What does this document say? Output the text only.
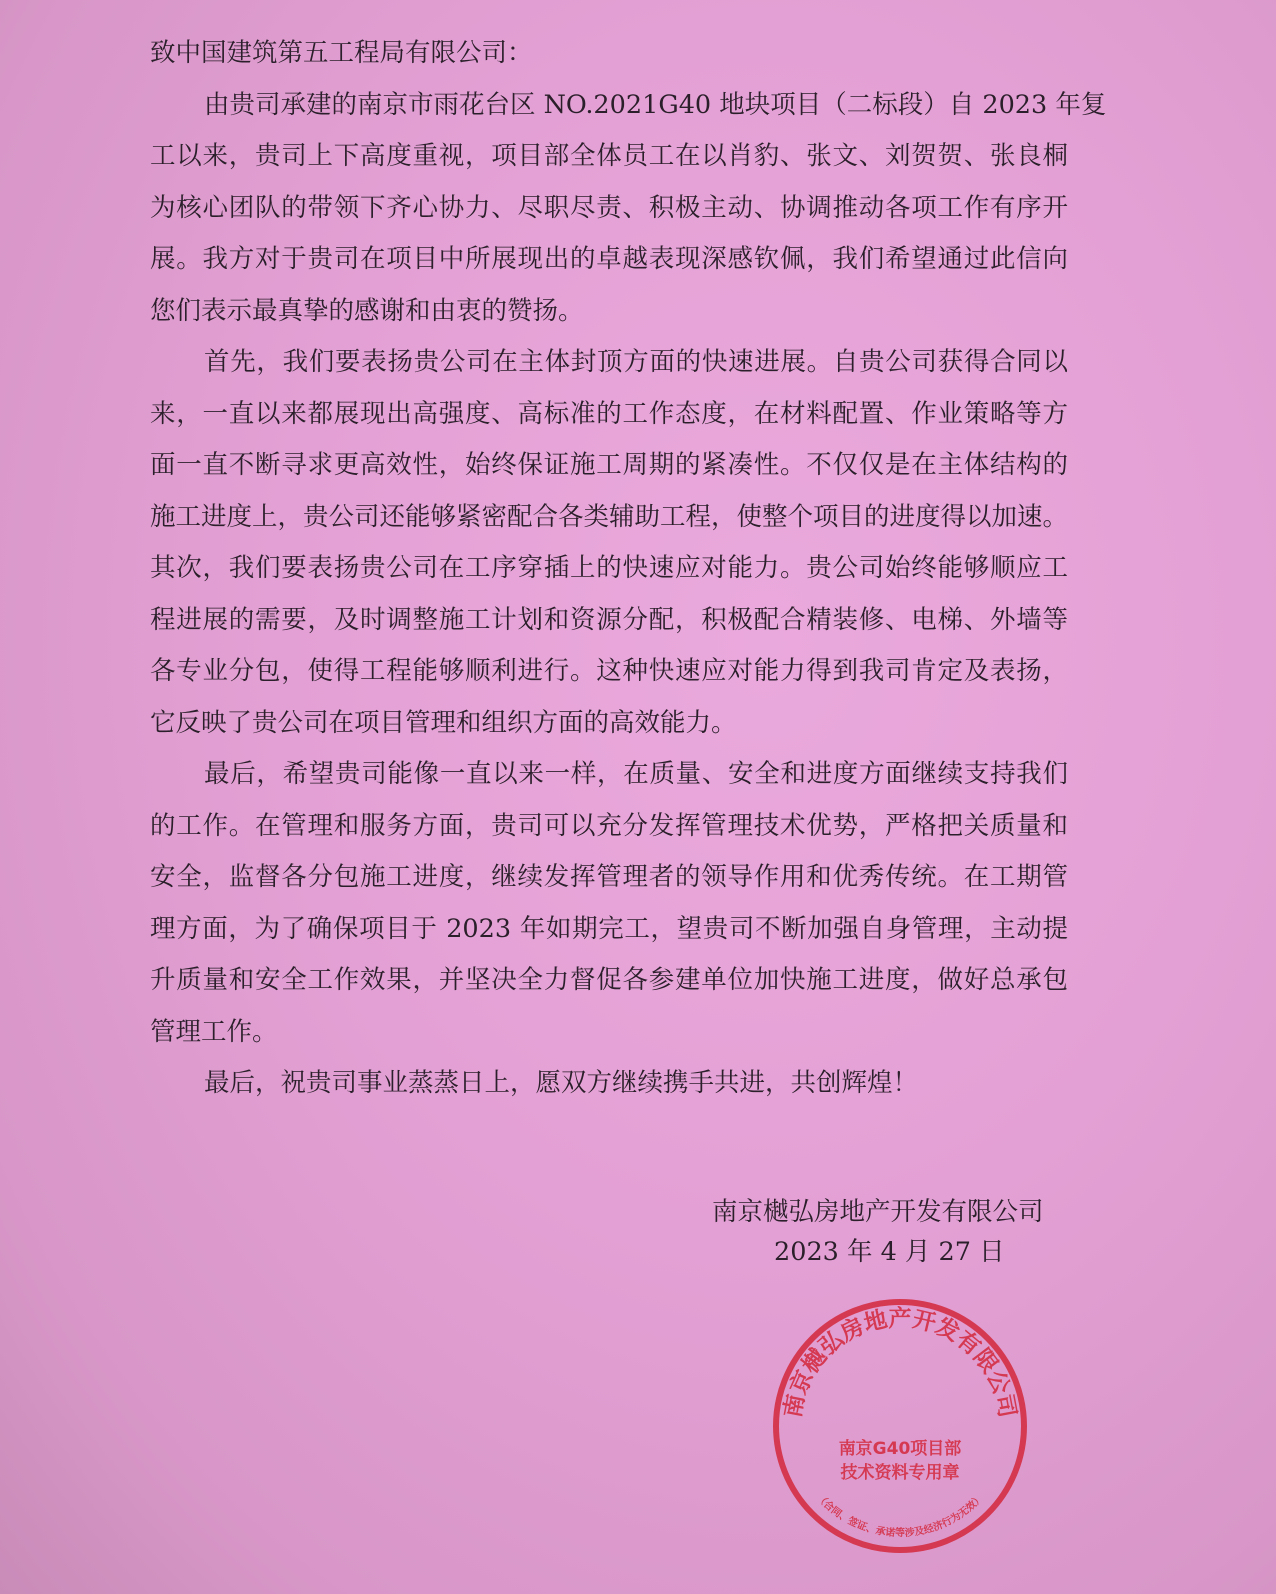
致中国建筑第五工程局有限公司：
由贵司承建的南京市雨花台区 NO.2021G40 地块项目（二标段）自 2023 年复
工以来，贵司上下高度重视，项目部全体员工在以肖豹、张文、刘贺贺、张良桐
为核心团队的带领下齐心协力、尽职尽责、积极主动、协调推动各项工作有序开
展。我方对于贵司在项目中所展现出的卓越表现深感钦佩，我们希望通过此信向
您们表示最真挚的感谢和由衷的赞扬。
首先，我们要表扬贵公司在主体封顶方面的快速进展。自贵公司获得合同以
来，一直以来都展现出高强度、高标准的工作态度，在材料配置、作业策略等方
面一直不断寻求更高效性，始终保证施工周期的紧凑性。不仅仅是在主体结构的
施工进度上，贵公司还能够紧密配合各类辅助工程，使整个项目的进度得以加速。
其次，我们要表扬贵公司在工序穿插上的快速应对能力。贵公司始终能够顺应工
程进展的需要，及时调整施工计划和资源分配，积极配合精装修、电梯、外墙等
各专业分包，使得工程能够顺利进行。这种快速应对能力得到我司肯定及表扬，
它反映了贵公司在项目管理和组织方面的高效能力。
最后，希望贵司能像一直以来一样，在质量、安全和进度方面继续支持我们
的工作。在管理和服务方面，贵司可以充分发挥管理技术优势，严格把关质量和
安全，监督各分包施工进度，继续发挥管理者的领导作用和优秀传统。在工期管
理方面，为了确保项目于 2023 年如期完工，望贵司不断加强自身管理，主动提
升质量和安全工作效果，并坚决全力督促各参建单位加快施工进度，做好总承包
管理工作。
最后，祝贵司事业蒸蒸日上，愿双方继续携手共进，共创辉煌！
南京樾弘房地产开发有限公司
2023 年 4 月 27 日
南京樾弘房地产开发有限公司
南京G40项目部
技术资料专用章
（合同、签证、承诺等涉及经济行为无效）
